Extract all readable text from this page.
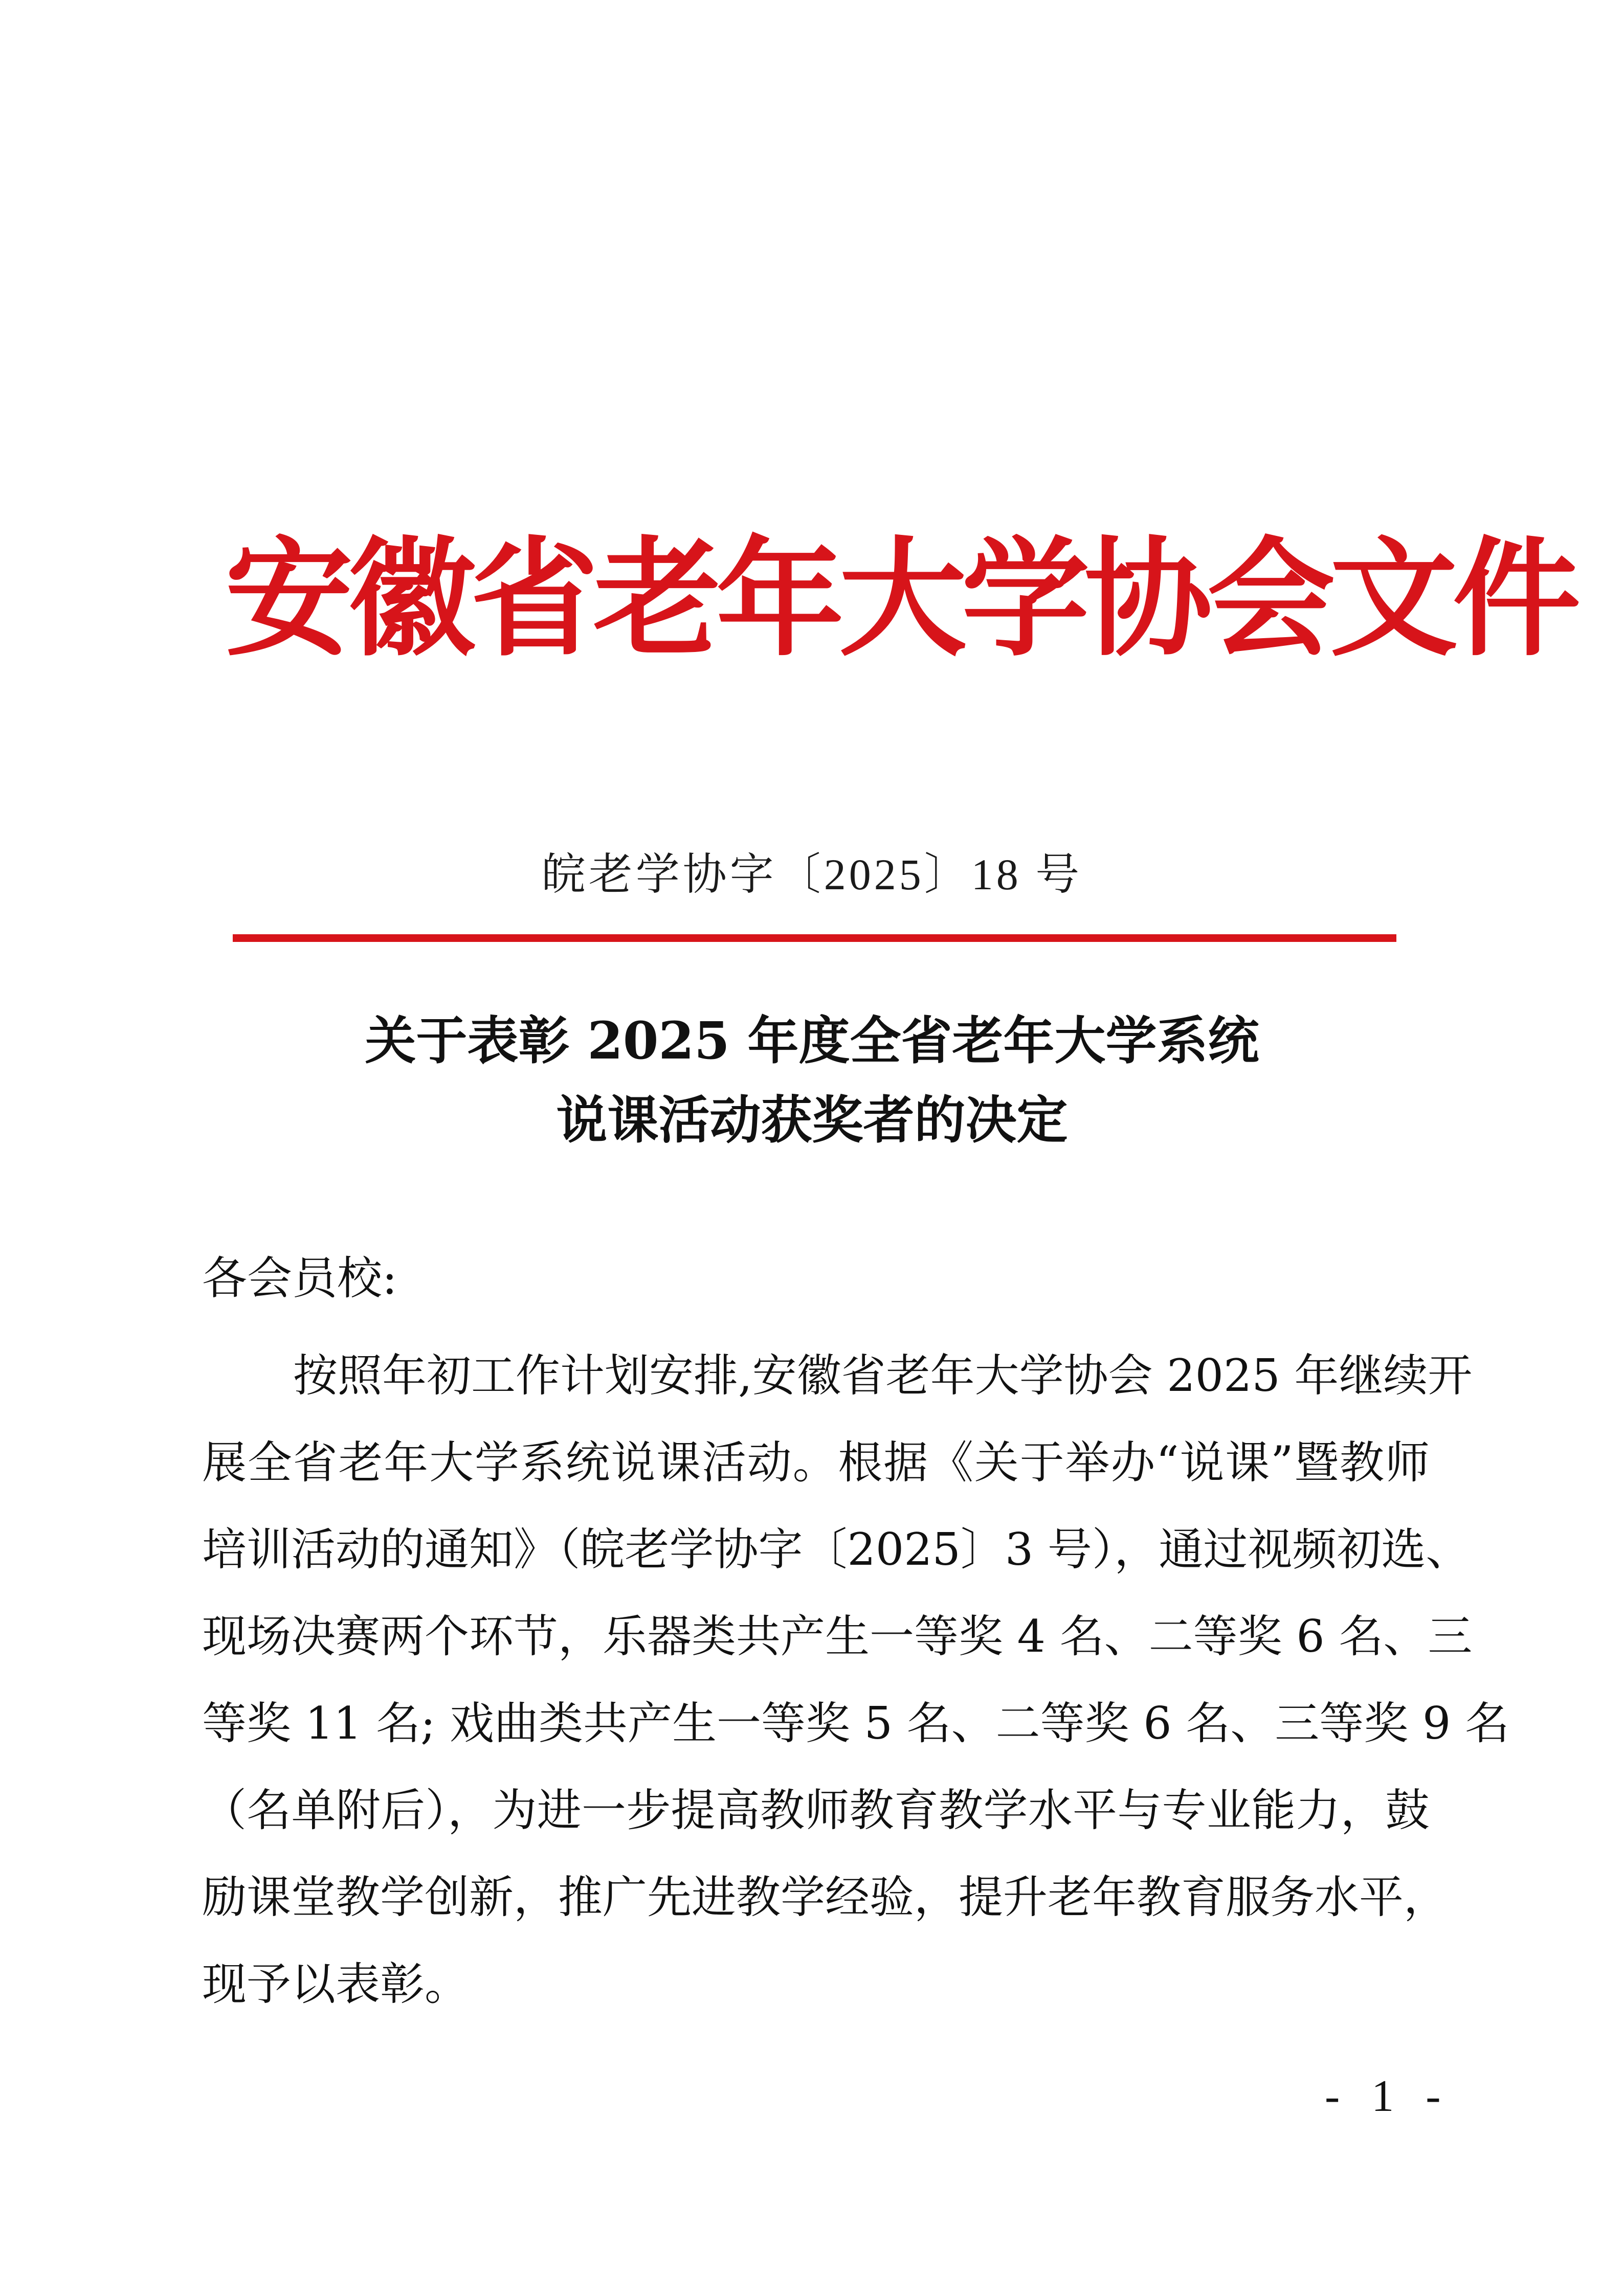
安徽省老年大学协会文件
皖老学协字〔2025〕18 号
关于表彰 2025 年度全省老年大学系统
说课活动获奖者的决定
各会员校:
按照年初工作计划安排,安徽省老年大学协会 2025 年继续开
展全省老年大学系统说课活动。根据《关于举办“说课”暨教师
培训活动的通知》（皖老学协字〔2025〕3 号），通过视频初选、
现场决赛两个环节，乐器类共产生一等奖 4 名、二等奖 6 名、三
等奖 11 名; 戏曲类共产生一等奖 5 名、二等奖 6 名、三等奖 9 名
（名单附后），为进一步提高教师教育教学水平与专业能力，鼓
励课堂教学创新，推广先进教学经验，提升老年教育服务水平，
现予以表彰。
- 1 -
